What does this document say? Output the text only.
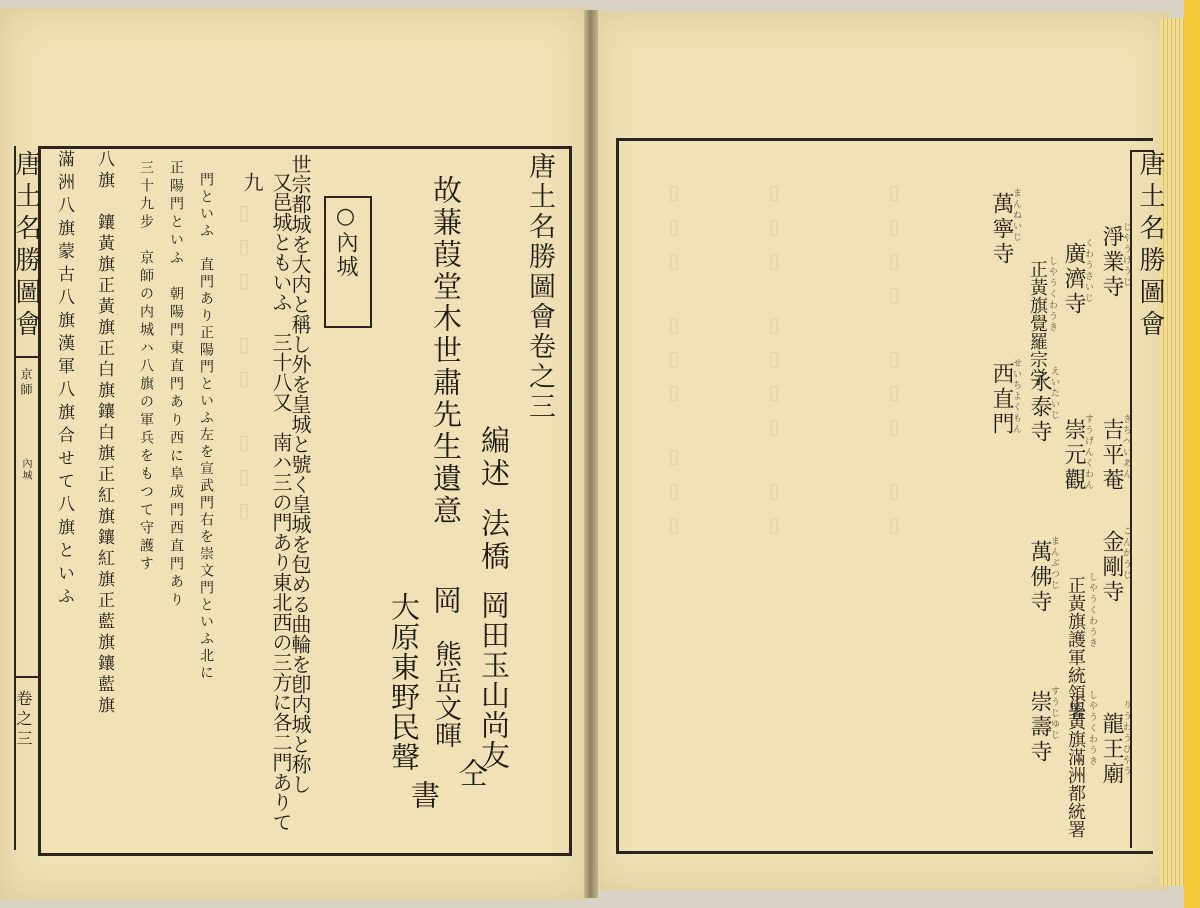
唐土名勝圖會
京師
內城
卷之三
唐土名勝圖會卷之三
故蒹葭堂木世肅先生遺意 編述
法橋
岡田玉山尚友
岡
熊岳文暉
仝
大原東野民聲
書
○內城
世宗都城を大内と稱し外を皇城と號く皇城を包める曲輪を卽内城と称し
又邑城ともいふ　三十八又　南ハ三の門あり東北西の三方に各二門ありて九
門といふ　直門あり正陽門といふ左を宣武門右を崇文門といふ北に
正陽門といふ　朝陽門東直門あり西に阜成門西直門あり
三十九步　京師の内城ハ八旗の軍兵をもつて守護す
八旗　鑲黃旗正黃旗正白旗鑲白旗正紅旗鑲紅旗正藍旗鑲藍旗
滿洲八旗蒙古八旗漢軍八旗合せて八旗といふ	唐土名勝圖會
淨業寺
じやうげうじ
廣濟寺
くわうさいじ
正黃旗覺羅宗学 しやうくわうき
萬寧寺
まんねいじ
吉平菴
きちへいあん
崇元觀
すうげんくわん
永泰寺
えいたいじ
西直門
せいちよくもん
金剛寺
こんがうじ
正黃旗護軍統領署 しやうくわうき
萬佛寺
まんぶつじ
龍王廟
りうわうびやう
正黃旗滿洲都統署 しやうくわうき
崇壽寺
すうじゆじ
